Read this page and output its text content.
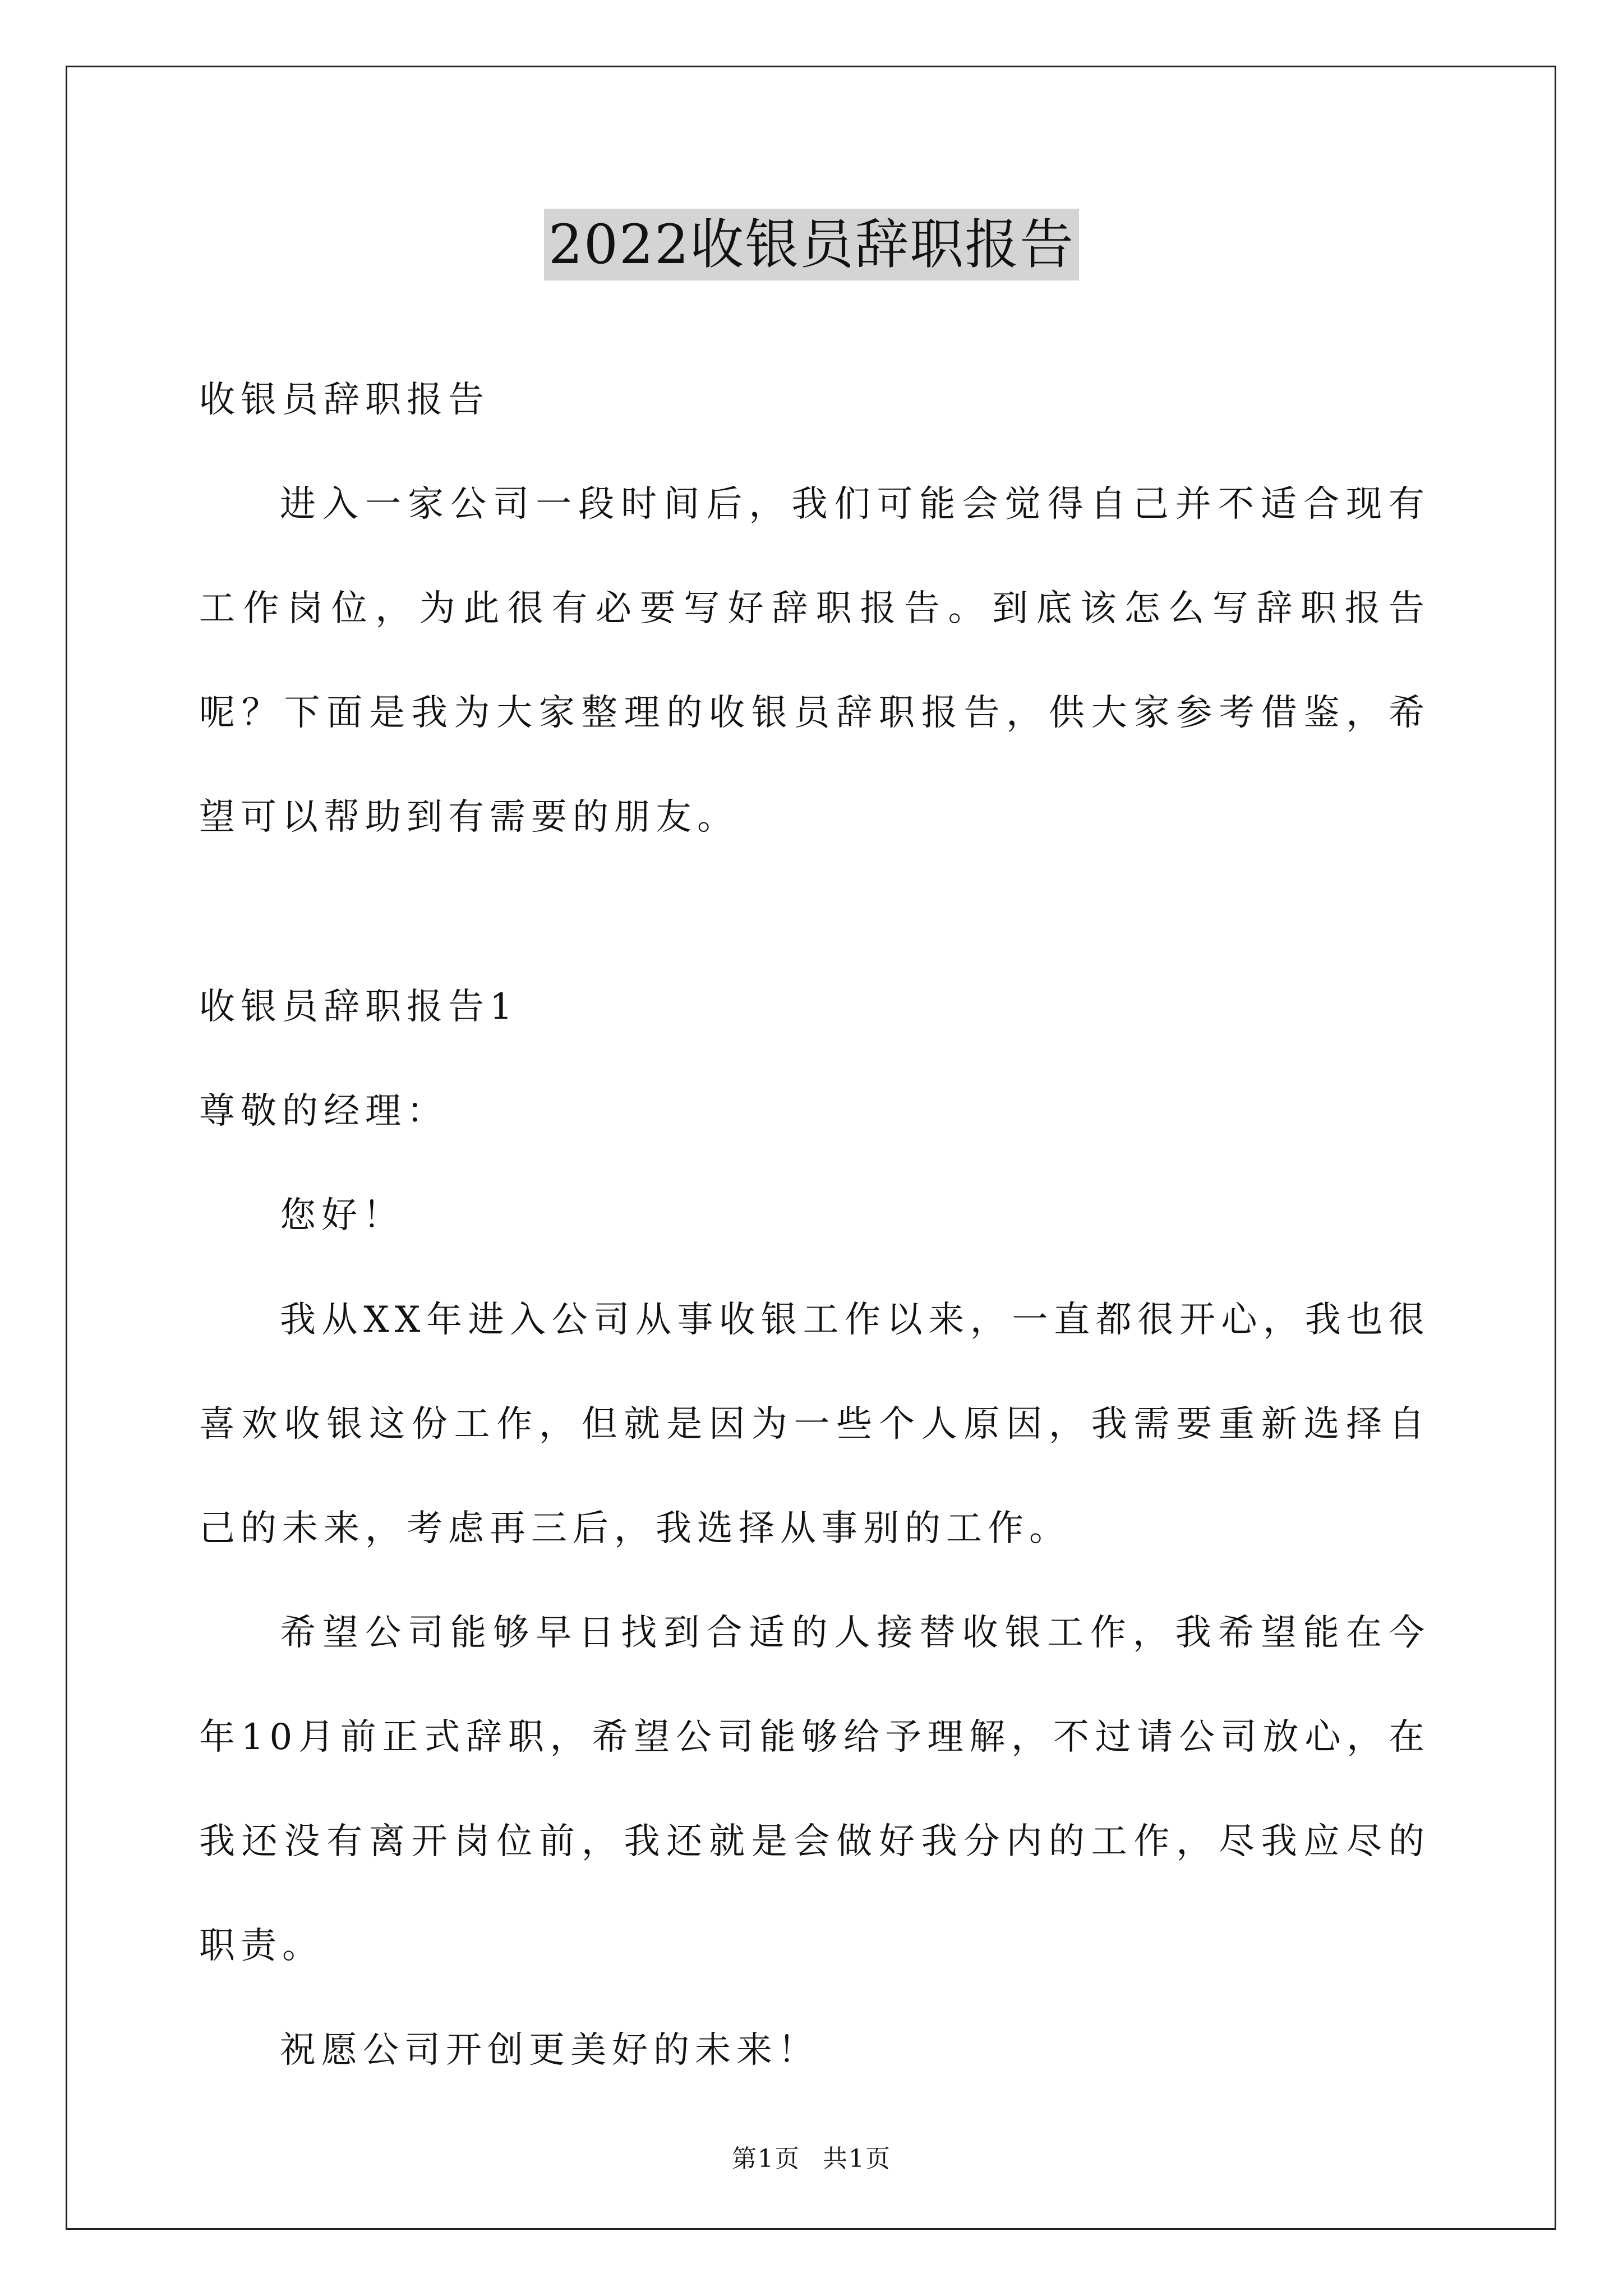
2022收银员辞职报告

收银员辞职报告

进入一家公司一段时间后，我们可能会觉得自己并不适合现有工作岗位，为此很有必要写好辞职报告。到底该怎么写辞职报告呢？下面是我为大家整理的收银员辞职报告，供大家参考借鉴，希望可以帮助到有需要的朋友。

收银员辞职报告1

尊敬的经理：

您好！

我从XX年进入公司从事收银工作以来，一直都很开心，我也很喜欢收银这份工作，但就是因为一些个人原因，我需要重新选择自己的未来，考虑再三后，我选择从事别的工作。

希望公司能够早日找到合适的人接替收银工作，我希望能在今年10月前正式辞职，希望公司能够给予理解，不过请公司放心，在我还没有离开岗位前，我还就是会做好我分内的工作，尽我应尽的职责。

祝愿公司开创更美好的未来！

第1页 共1页
